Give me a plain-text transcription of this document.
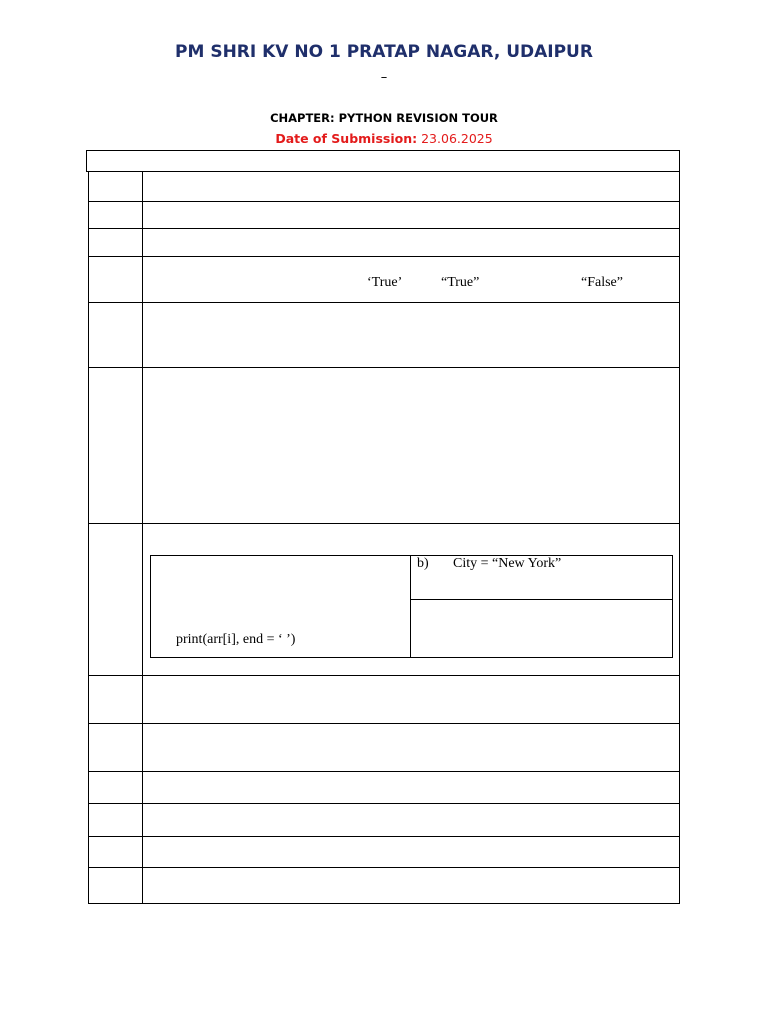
PM SHRI KV NO 1 PRATAP NAGAR, UDAIPUR
–
CHAPTER: PYTHON REVISION TOUR
Date of Submission: 23.06.2025

‘True’	“True”	“False”

print(arr[i], end = ‘ ’)

b) City = “New York”
